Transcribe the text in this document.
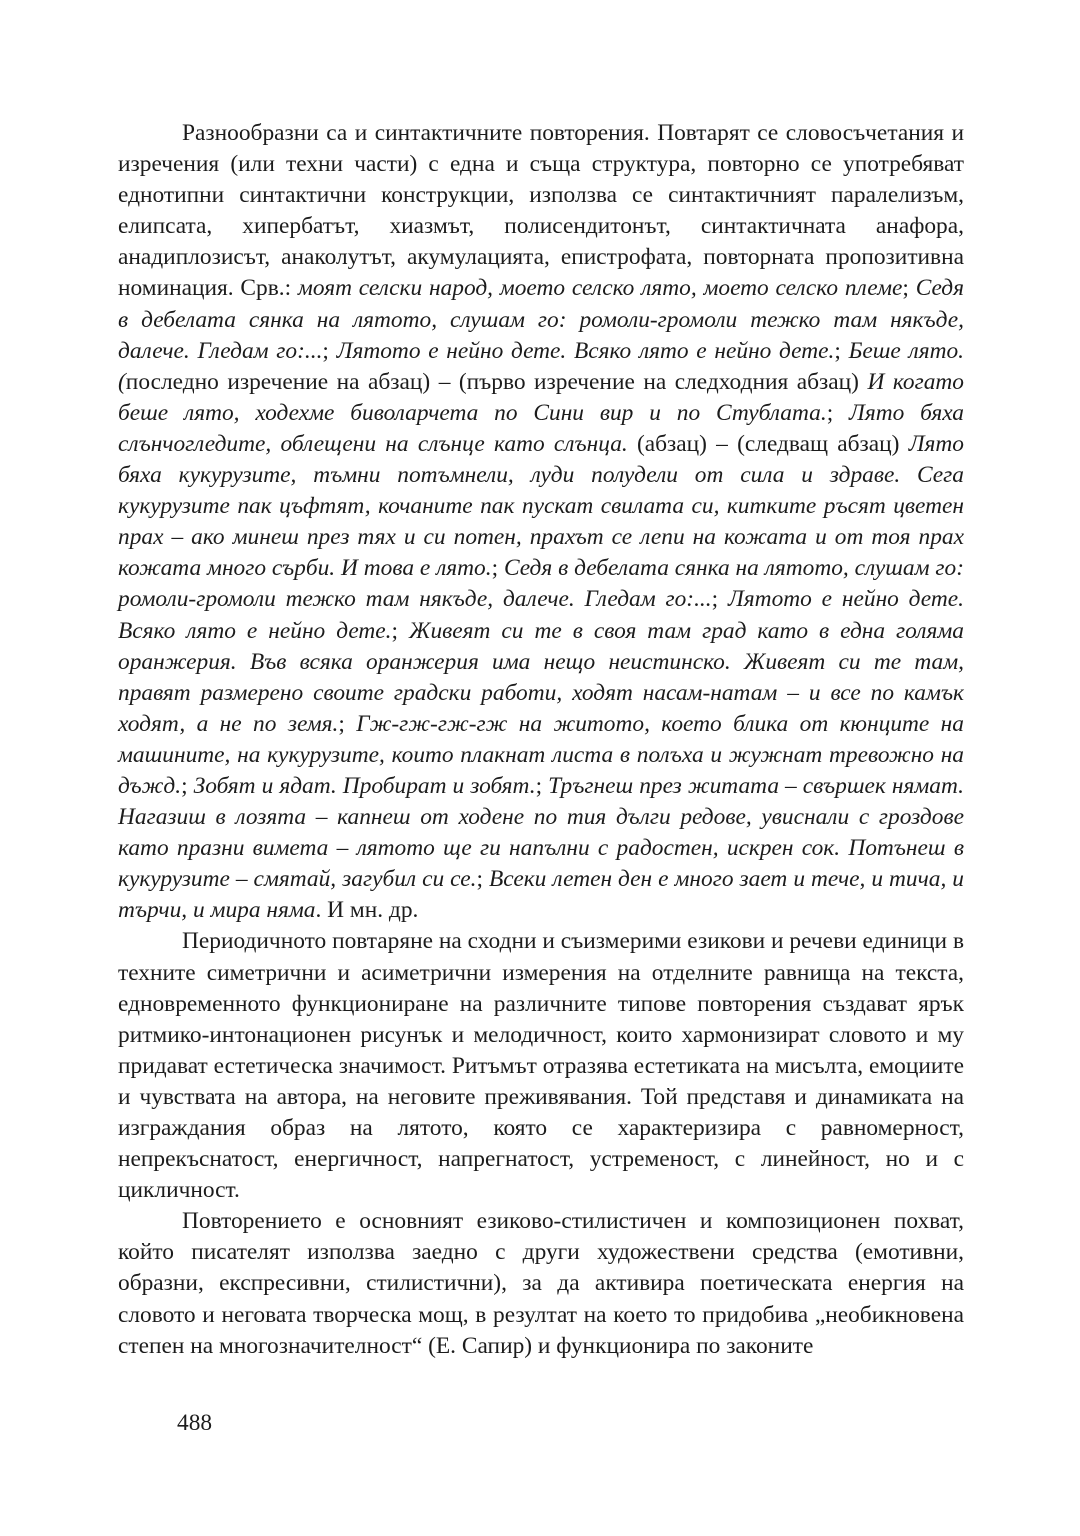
Разнообразни са и синтактичните повторения. Повтарят се словосъчетания и изречения (или техни части) с една и съща структура, повторно се употребяват еднотипни синтактични конструкции, използва се синтактичният паралелизъм, елипсата, хипербатът, хиазмът, полисендитонът, синтактичната анафора, анадиплозисът, анаколутът, акумулацията, епистрофата, повторната пропозитивна номинация. Срв.: моят селски народ, моето селско лято, моето селско племе; Седя в дебелата сянка на лятото, слушам го: ромоли-громоли тежко там някъде, далече. Гледам го:...; Лятото е нейно дете. Всяко лято е нейно дете.; Беше лято. (последно изречение на абзац) – (първо изречение на следходния абзац) И когато беше лято, ходехме биволарчета по Сини вир и по Стублата.; Лято бяха слънчогледите, облещени на слънце като слънца. (абзац) – (следващ абзац) Лято бяха кукурузите, тъмни потъмнели, луди полудели от сила и здраве. Сега кукурузите пак цъфтят, кочаните пак пускат свилата си, китките ръсят цветен прах – ако минеш през тях и си потен, прахът се лепи на кожата и от тоя прах кожата много сърби. И това е лято.; Седя в дебелата сянка на лятото, слушам го: ромоли-громоли тежко там някъде, далече. Гледам го:...; Лятото е нейно дете. Всяко лято е нейно дете.; Живеят си те в своя там град като в една голяма оранжерия. Във всяка оранжерия има нещо неистинско. Живеят си те там, правят размерено своите градски работи, ходят насам-натам – и все по камък ходят, а не по земя.; Гж-гж-гж-гж на житото, което блика от кюнците на машините, на кукурузите, които плакнат листа в полъха и жужнат тревожно на дъжд.; Зобят и ядат. Пробират и зобят.; Тръгнеш през житата – свършек нямат. Нагазиш в лозята – капнеш от ходене по тия дълги редове, увиснали с гроздове като празни вимета – лятото ще ги напълни с радостен, искрен сок. Потънеш в кукурузите – смятай, загубил си се.; Всеки летен ден е много зает и тече, и тича, и търчи, и мира няма. И мн. др.

Периодичното повтаряне на сходни и съизмерими езикови и речеви единици в техните симетрични и асиметрични измерения на отделните равнища на текста, едновременното функциониране на различните типове повторения създават ярък ритмико-интонационен рисунък и мелодичност, които хармонизират словото и му придават естетическа значимост. Ритъмът отразява естетиката на мисълта, емоциите и чувствата на автора, на неговите преживявания. Той представя и динамиката на изграждания образ на лятото, която се характеризира с равномерност, непрекъснатост, енергичност, напрегнатост, устременост, с линейност, но и с цикличност.

Повторението е основният езиково-стилистичен и композиционен похват, който писателят използва заедно с други художествени средства (емотивни, образни, експресивни, стилистични), за да активира поетическата енергия на словото и неговата творческа мощ, в резултат на което то придобива „необикновена степен на многозначителност“ (Е. Сапир) и функционира по законите

488
